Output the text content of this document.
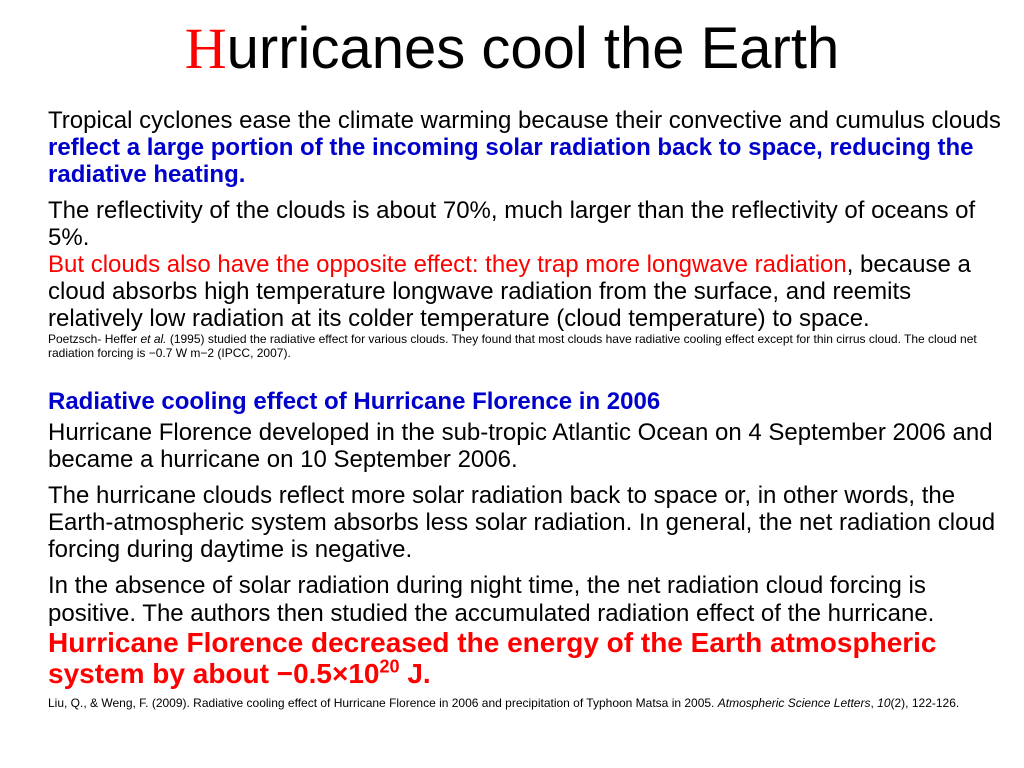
Hurricanes cool the Earth

Tropical cyclones ease the climate warming because their convective and cumulus clouds reflect a large portion of the incoming solar radiation back to space, reducing the radiative heating.

The reflectivity of the clouds is about 70%, much larger than the reflectivity of oceans of 5%.
But clouds also have the opposite effect: they trap more longwave radiation, because a cloud absorbs high temperature longwave radiation from the surface, and reemits relatively low radiation at its colder temperature (cloud temperature) to space.

Poetzsch- Heffer et al. (1995) studied the radiative effect for various clouds. They found that most clouds have radiative cooling effect except for thin cirrus cloud. The cloud net radiation forcing is −0.7 W m−2 (IPCC, 2007).

Radiative cooling effect of Hurricane Florence in 2006

Hurricane Florence developed in the sub-tropic Atlantic Ocean on 4 September 2006 and became a hurricane on 10 September 2006.

The hurricane clouds reflect more solar radiation back to space or, in other words, the Earth-atmospheric system absorbs less solar radiation. In general, the net radiation cloud forcing during daytime is negative.

In the absence of solar radiation during night time, the net radiation cloud forcing is positive. The authors then studied the accumulated radiation effect of the hurricane. Hurricane Florence decreased the energy of the Earth atmospheric system by about $-0.5\times 10^{20}$ J.

Liu, Q., & Weng, F. (2009). Radiative cooling effect of Hurricane Florence in 2006 and precipitation of Typhoon Matsa in 2005. Atmospheric Science Letters, 10(2), 122-126.
